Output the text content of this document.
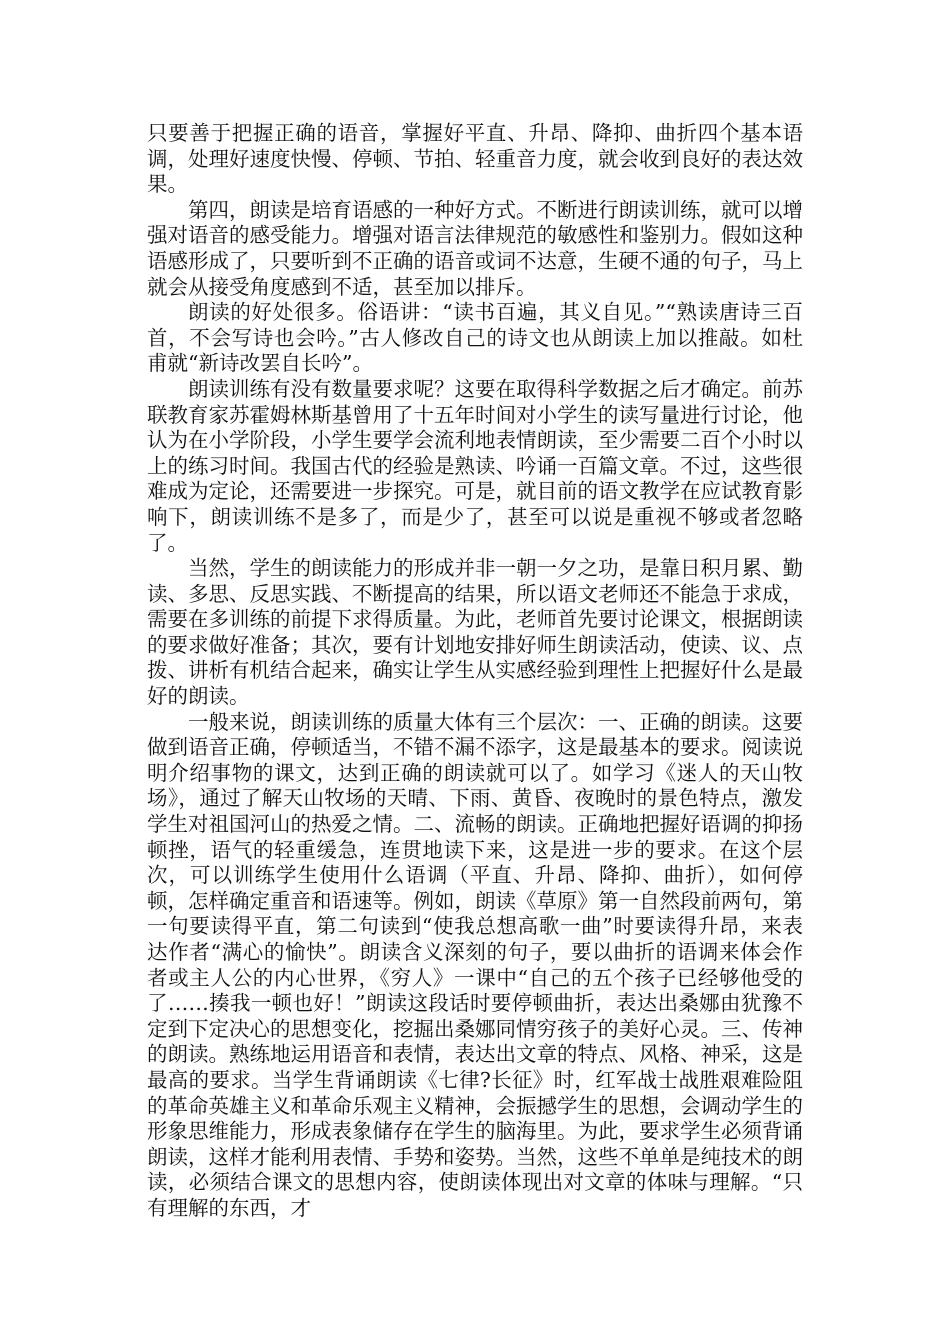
只要善于把握正确的语音，掌握好平直、升昂、降抑、曲折四个基本语调，处理好速度快慢、停顿、节拍、轻重音力度，就会收到良好的表达效果。

第四，朗读是培育语感的一种好方式。不断进行朗读训练，就可以增强对语音的感受能力。增强对语言法律规范的敏感性和鉴别力。假如这种语感形成了，只要听到不正确的语音或词不达意，生硬不通的句子，马上就会从接受角度感到不适，甚至加以排斥。

朗读的好处很多。俗语讲：“读书百遍，其义自见。”“熟读唐诗三百首，不会写诗也会吟。”古人修改自己的诗文也从朗读上加以推敲。如杜甫就“新诗改罢自长吟”。

朗读训练有没有数量要求呢？这要在取得科学数据之后才确定。前苏联教育家苏霍姆林斯基曾用了十五年时间对小学生的读写量进行讨论，他认为在小学阶段，小学生要学会流利地表情朗读，至少需要二百个小时以上的练习时间。我国古代的经验是熟读、吟诵一百篇文章。不过，这些很难成为定论，还需要进一步探究。可是，就目前的语文教学在应试教育影响下，朗读训练不是多了，而是少了，甚至可以说是重视不够或者忽略了。

当然，学生的朗读能力的形成并非一朝一夕之功，是靠日积月累、勤读、多思、反思实践、不断提高的结果，所以语文老师还不能急于求成，需要在多训练的前提下求得质量。为此，老师首先要讨论课文，根据朗读的要求做好准备；其次，要有计划地安排好师生朗读活动，使读、议、点拨、讲析有机结合起来，确实让学生从实感经验到理性上把握好什么是最好的朗读。

一般来说，朗读训练的质量大体有三个层次：一、正确的朗读。这要做到语音正确，停顿适当，不错不漏不添字，这是最基本的要求。阅读说明介绍事物的课文，达到正确的朗读就可以了。如学习《迷人的天山牧场》，通过了解天山牧场的天晴、下雨、黄昏、夜晚时的景色特点，激发学生对祖国河山的热爱之情。二、流畅的朗读。正确地把握好语调的抑扬顿挫，语气的轻重缓急，连贯地读下来，这是进一步的要求。在这个层次，可以训练学生使用什么语调（平直、升昂、降抑、曲折），如何停顿，怎样确定重音和语速等。例如，朗读《草原》第一自然段前两句，第一句要读得平直，第二句读到“使我总想高歌一曲”时要读得升昂，来表达作者“满心的愉快”。朗读含义深刻的句子，要以曲折的语调来体会作者或主人公的内心世界，《穷人》一课中“自己的五个孩子已经够他受的了……揍我一顿也好！”朗读这段话时要停顿曲折，表达出桑娜由犹豫不定到下定决心的思想变化，挖掘出桑娜同情穷孩子的美好心灵。三、传神的朗读。熟练地运用语音和表情，表达出文章的特点、风格、神采，这是最高的要求。当学生背诵朗读《七律?长征》时，红军战士战胜艰难险阻的革命英雄主义和革命乐观主义精神，会振撼学生的思想，会调动学生的形象思维能力，形成表象储存在学生的脑海里。为此，要求学生必须背诵朗读，这样才能利用表情、手势和姿势。当然，这些不单单是纯技术的朗读，必须结合课文的思想内容，使朗读体现出对文章的体味与理解。“只有理解的东西，才
